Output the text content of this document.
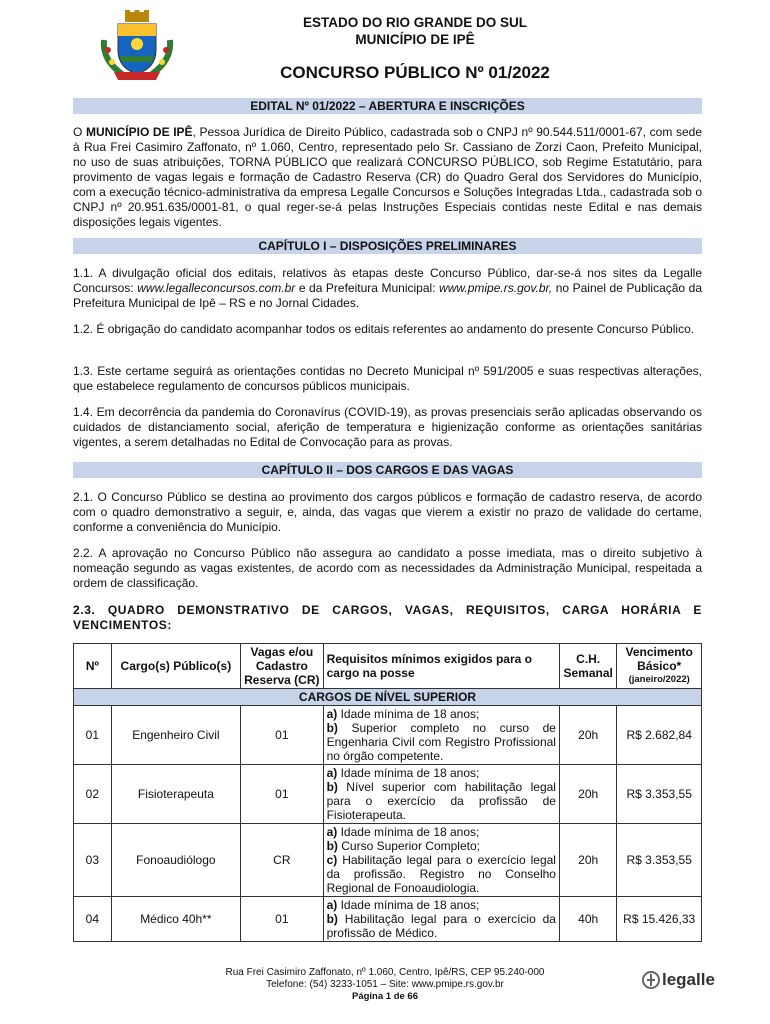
ESTADO DO RIO GRANDE DO SUL
MUNICÍPIO DE IPÊ
CONCURSO PÚBLICO Nº 01/2022
EDITAL Nº 01/2022 – ABERTURA E INSCRIÇÕES
O MUNICÍPIO DE IPÊ, Pessoa Jurídica de Direito Público, cadastrada sob o CNPJ nº 90.544.511/0001-67, com sede à Rua Frei Casimiro Zaffonato, nº 1.060, Centro, representado pelo Sr. Cassiano de Zorzi Caon, Prefeito Municipal, no uso de suas atribuições, TORNA PÚBLICO que realizará CONCURSO PÚBLICO, sob Regime Estatutário, para provimento de vagas legais e formação de Cadastro Reserva (CR) do Quadro Geral dos Servidores do Município, com a execução técnico-administrativa da empresa Legalle Concursos e Soluções Integradas Ltda., cadastrada sob o CNPJ nº 20.951.635/0001-81, o qual reger-se-á pelas Instruções Especiais contidas neste Edital e nas demais disposições legais vigentes.
CAPÍTULO I – DISPOSIÇÕES PRELIMINARES
1.1. A divulgação oficial dos editais, relativos às etapas deste Concurso Público, dar-se-á nos sites da Legalle Concursos: www.legalleconcursos.com.br e da Prefeitura Municipal: www.pmipe.rs.gov.br, no Painel de Publicação da Prefeitura Municipal de Ipê – RS e no Jornal Cidades.
1.2. É obrigação do candidato acompanhar todos os editais referentes ao andamento do presente Concurso Público.
1.3. Este certame seguirá as orientações contidas no Decreto Municipal nº 591/2005 e suas respectivas alterações, que estabelece regulamento de concursos públicos municipais.
1.4. Em decorrência da pandemia do Coronavírus (COVID-19), as provas presenciais serão aplicadas observando os cuidados de distanciamento social, aferição de temperatura e higienização conforme as orientações sanitárias vigentes, a serem detalhadas no Edital de Convocação para as provas.
CAPÍTULO II – DOS CARGOS E DAS VAGAS
2.1. O Concurso Público se destina ao provimento dos cargos públicos e formação de cadastro reserva, de acordo com o quadro demonstrativo a seguir, e, ainda, das vagas que vierem a existir no prazo de validade do certame, conforme a conveniência do Município.
2.2. A aprovação no Concurso Público não assegura ao candidato a posse imediata, mas o direito subjetivo à nomeação segundo as vagas existentes, de acordo com as necessidades da Administração Municipal, respeitada a ordem de classificação.
2.3. QUADRO DEMONSTRATIVO DE CARGOS, VAGAS, REQUISITOS, CARGA HORÁRIA E VENCIMENTOS:
Nº	Cargo(s) Público(s)	Vagas e/ou Cadastro Reserva (CR)	Requisitos mínimos exigidos para o cargo na posse	C.H. Semanal	Vencimento Básico*
(janeiro/2022)

CARGOS DE NÍVEL SUPERIOR					
01	Engenheiro Civil	01	a) Idade mínima de 18 anos;
b) Superior completo no curso de Engenharia Civil com Registro Profissional no órgão competente.	20h	R$ 2.682,84
02	Fisioterapeuta	01	a) Idade mínima de 18 anos;
b) Nível superior com habilitação legal para o exercício da profissão de Fisioterapeuta.	20h	R$ 3.353,55
03	Fonoaudiólogo	CR	a) Idade mínima de 18 anos;
b) Curso Superior Completo;
c) Habilitação legal para o exercício legal da profissão. Registro no Conselho Regional de Fonoaudiologia.	20h	R$ 3.353,55
04	Médico 40h**	01	a) Idade mínima de 18 anos;
b) Habilitação legal para o exercício da profissão de Médico.	40h	R$ 15.426,33
Rua Frei Casimiro Zaffonato, nº 1.060, Centro, Ipê/RS, CEP 95.240-000
Telefone: (54) 3233-1051 – Site: www.pmipe.rs.gov.br
Página 1 de 66
legalle
